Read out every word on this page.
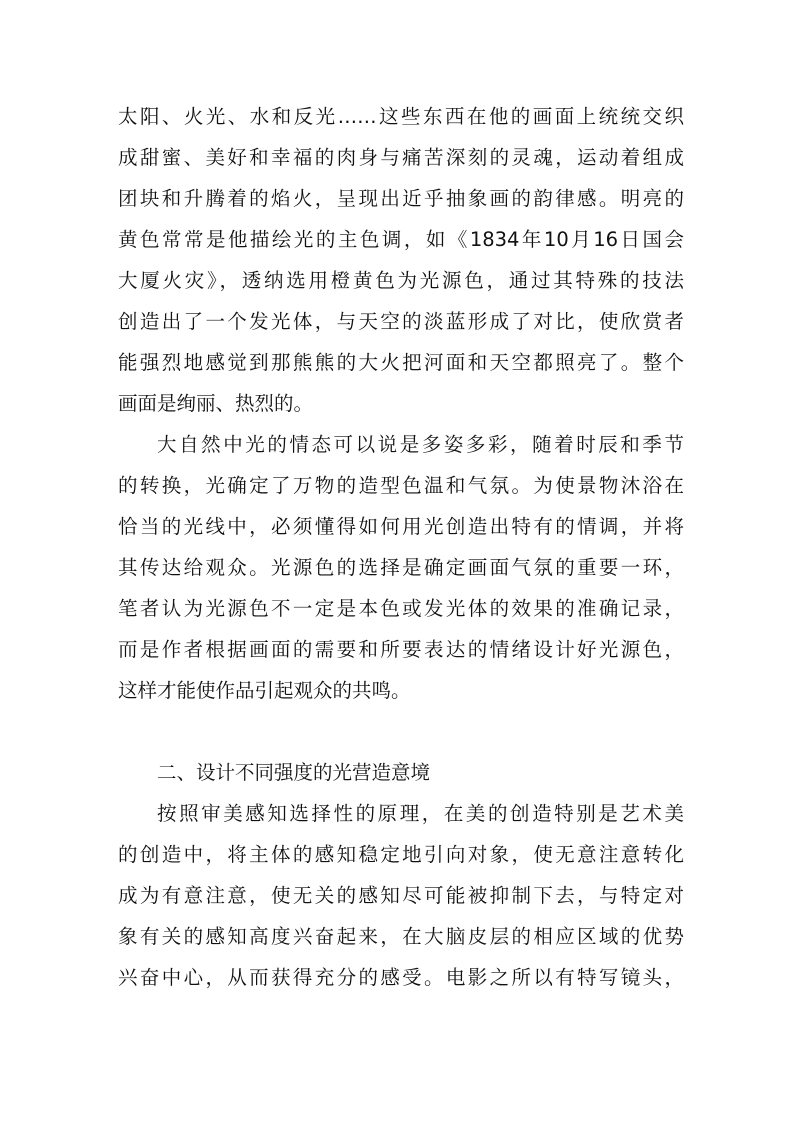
太阳、火光、水和反光……这些东西在他的画面上统统交织
成甜蜜、美好和幸福的肉身与痛苦深刻的灵魂，运动着组成
团块和升腾着的焰火，呈现出近乎抽象画的韵律感。明亮的
黄色常常是他描绘光的主色调，如《1834年10月16日国会
大厦火灾》，透纳选用橙黄色为光源色，通过其特殊的技法
创造出了一个发光体，与天空的淡蓝形成了对比，使欣赏者
能强烈地感觉到那熊熊的大火把河面和天空都照亮了。整个
画面是绚丽、热烈的。

大自然中光的情态可以说是多姿多彩，随着时辰和季节
的转换，光确定了万物的造型色温和气氛。为使景物沐浴在
恰当的光线中，必须懂得如何用光创造出特有的情调，并将
其传达给观众。光源色的选择是确定画面气氛的重要一环，
笔者认为光源色不一定是本色或发光体的效果的准确记录，
而是作者根据画面的需要和所要表达的情绪设计好光源色，
这样才能使作品引起观众的共鸣。

二、设计不同强度的光营造意境

按照审美感知选择性的原理，在美的创造特别是艺术美
的创造中，将主体的感知稳定地引向对象，使无意注意转化
成为有意注意，使无关的感知尽可能被抑制下去，与特定对
象有关的感知高度兴奋起来，在大脑皮层的相应区域的优势
兴奋中心，从而获得充分的感受。电影之所以有特写镜头，
